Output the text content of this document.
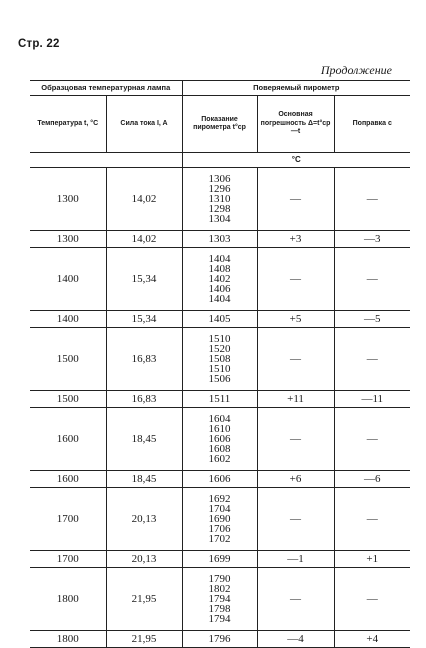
Стр. 22
Продолжение
Образцовая температурная лампа		Поверяемый пирометр		
Температура t, °C	Сила тока I, A	Показание пирометра t°ср	Основная погрешность Δ=t°ср—t	Поправка c
		°C		
1300	14,02	1306
1296
1310
1298
1304	—	—
1300	14,02	1303	+3	—3
1400	15,34	1404
1408
1402
1406
1404	—	—
1400	15,34	1405	+5	—5
1500	16,83	1510
1520
1508
1510
1506	—	—
1500	16,83	1511	+11	—11
1600	18,45	1604
1610
1606
1608
1602	—	—
1600	18,45	1606	+6	—6
1700	20,13	1692
1704
1690
1706
1702	—	—
1700	20,13	1699	—1	+1
1800	21,95	1790
1802
1794
1798
1794	—	—
1800	21,95	1796	—4	+4
